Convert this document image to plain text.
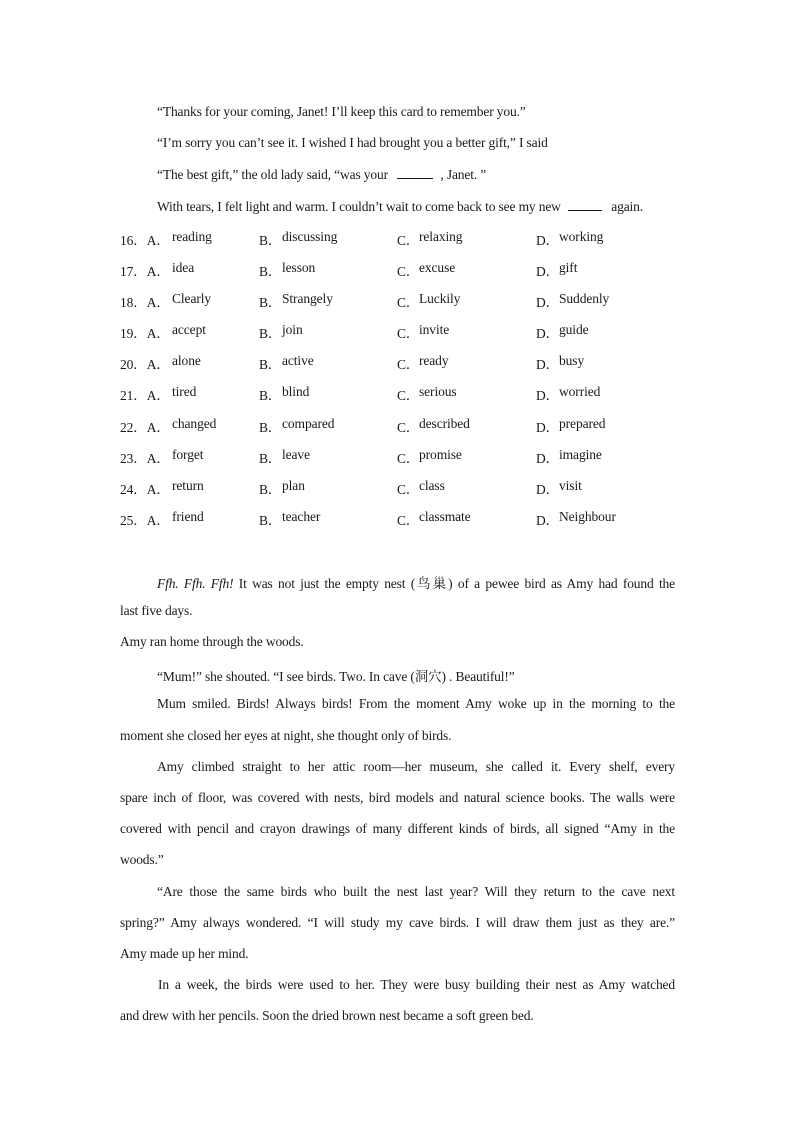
“Thanks for your coming, Janet! I’ll keep this card to remember you.”
“I’m sorry you can’t see it. I wished I had brought you a better gift,” I said
“The best gift,” the old lady said, “was your	, Janet. ”
With tears, I felt light and warm. I couldn’t wait to come back to see my new	again.
16．A． reading	B． discussing	C． relaxing	D． working
17．A． idea	B． lesson	C． excuse	D． gift
18．A． Clearly	B． Strangely	C． Luckily	D． Suddenly
19．A． accept	B． join	C． invite	D． guide
20．A． alone	B． active	C． ready	D． busy
21．A． tired	B． blind	C． serious	D． worried
22．A． changed	B． compared	C． described	D． prepared
23．A． forget	B． leave	C． promise	D． imagine
24．A． return	B． plan	C． class	D． visit
25．A． friend	B． teacher	C． classmate	D． Neighbour
Ffh. Ffh. Ffh! It was not just the empty nest (鸟巢) of a pewee bird as Amy had found the
last five days.
Amy ran home through the woods.
“Mum!” she shouted. “I see birds. Two. In cave (洞穴) . Beautiful!”
Mum smiled. Birds! Always birds! From the moment Amy woke up in the morning to the
moment she closed her eyes at night, she thought only of birds.
Amy climbed straight to her attic room—her museum, she called it. Every shelf, every
spare inch of floor, was covered with nests, bird models and natural science books. The walls were
covered with pencil and crayon drawings of many different kinds of birds, all signed “Amy in the
woods.”
“Are those the same birds who built the nest last year? Will they return to the cave next
spring?” Amy always wondered. “I will study my cave birds. I will draw them just as they are.”
Amy made up her mind.
In a week, the birds were used to her. They were busy building their nest as Amy watched
and drew with her pencils. Soon the dried brown nest became a soft green bed.
